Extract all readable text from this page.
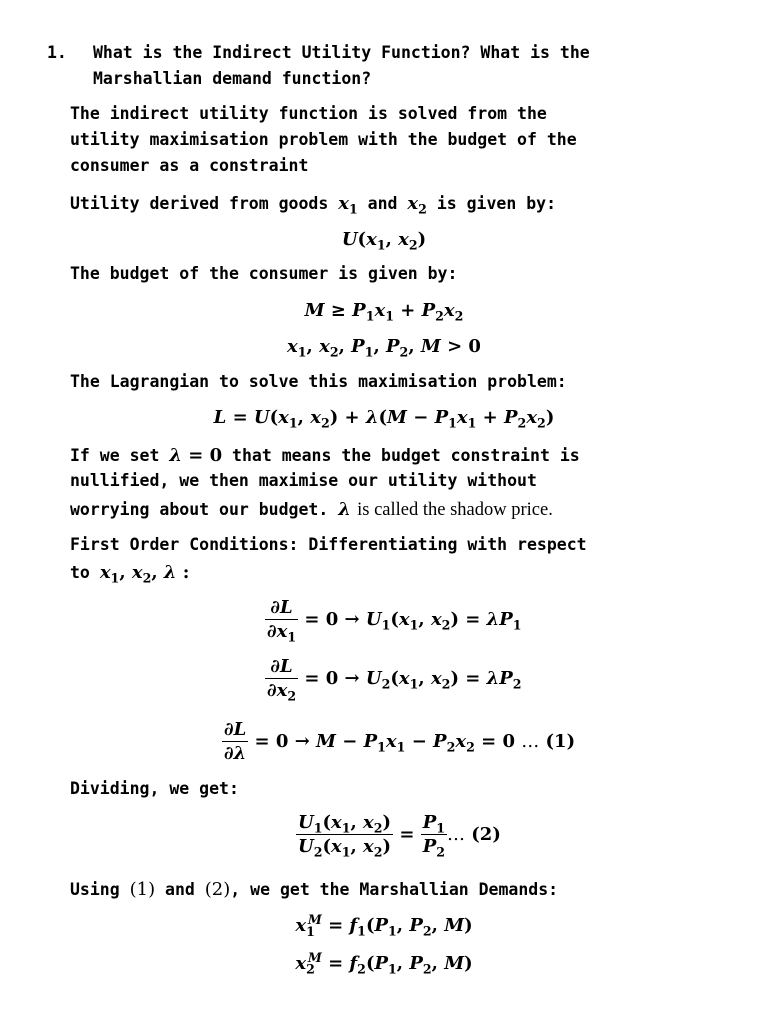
1. What is the Indirect Utility Function? What is the
Marshallian demand function?
The indirect utility function is solved from the
utility maximisation problem with the budget of the
consumer as a constraint
Utility derived from goods $x_1$ and $x_2$ is given by:
$U(x_1$, $x_2$)
The budget of the consumer is given by:
$M \ge P_1x_1 + P_2x_2$
$x_1$, $x_2$, $P_1$, $P_2$, M > 0
The Lagrangian to solve this maximisation problem:
$L = U(x_1$, $x_2) + \lambda(M - P_1x_1 + P_2x_2)$
If we set λ = 0 that means the budget constraint is
nullified, we then maximise our utility without
worrying about our budget. λ is called the shadow price.
First Order Conditions: Differentiating with respect
to $x_1$, $x_2$, λ :
$\frac{\partial L}{\partial x_1} = 0 \to U_1(x_1$, $x_2) = \lambda P_1$
$\frac{\partial L}{\partial x_2} = 0 \to U_2(x_1$, $x_2) = \lambda P_2$
$\frac{\partial L}{\partial\lambda} = 0 \to M - P_1x_1 - P_2x_2 = 0$ … (1)
Dividing, we get:
$\frac{U_1(x_1, x_2)}{U_2(x_1, x_2)} = \frac{P_1}{P_2}$ … (2)
Using (1) and (2), we get the Marshallian Demands:
$x_1^M = f_1(P_1$, $P_2$, M)
$x_2^M = f_2(P_1$, $P_2$, M)
